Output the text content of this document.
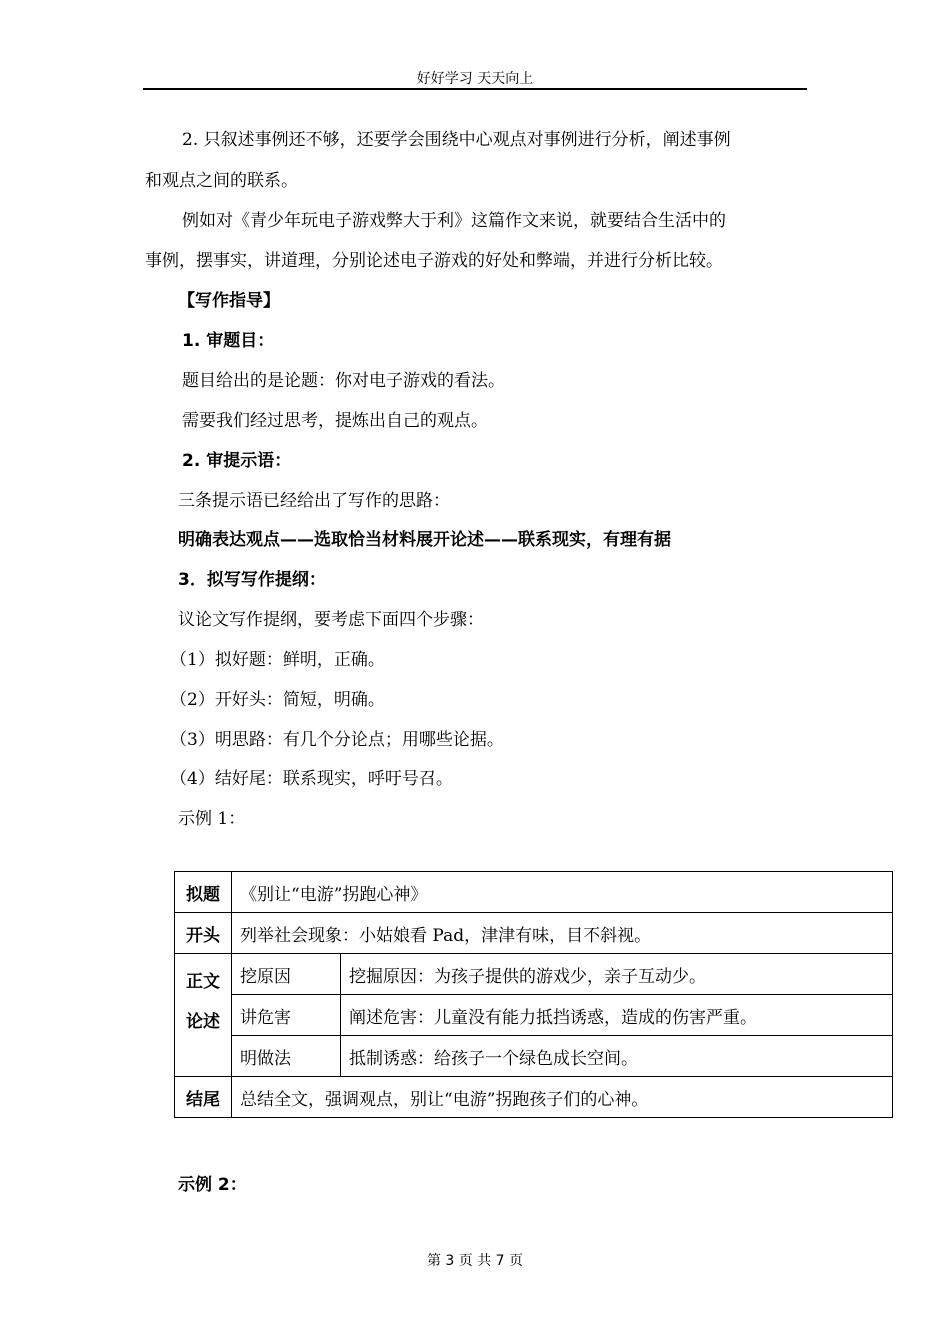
好好学习 天天向上
2. 只叙述事例还不够，还要学会围绕中心观点对事例进行分析，阐述事例
和观点之间的联系。
例如对《青少年玩电子游戏弊大于利》这篇作文来说，就要结合生活中的
事例，摆事实，讲道理，分别论述电子游戏的好处和弊端，并进行分析比较。
【写作指导】
1. 审题目：
题目给出的是论题：你对电子游戏的看法。
需要我们经过思考，提炼出自己的观点。
2. 审提示语：
三条提示语已经给出了写作的思路：
明确表达观点——选取恰当材料展开论述——联系现实，有理有据
3．拟写写作提纲：
议论文写作提纲，要考虑下面四个步骤：
（1）拟好题：鲜明，正确。
（2）开好头：简短，明确。
（3）明思路：有几个分论点；用哪些论据。
（4）结好尾：联系现实，呼吁号召。
示例 1：
拟题	《别让“电游”拐跑心神》	
开头	列举社会现象：小姑娘看 Pad，津津有味，目不斜视。	

正文
论述	挖原因	挖掘原因：为孩子提供的游戏少，亲子互动少。
	讲危害	阐述危害：儿童没有能力抵挡诱惑，造成的伤害严重。
	明做法	抵制诱惑：给孩子一个绿色成长空间。
结尾	总结全文，强调观点，别让“电游”拐跑孩子们的心神。	
示例 2：
第 3 页 共 7 页
